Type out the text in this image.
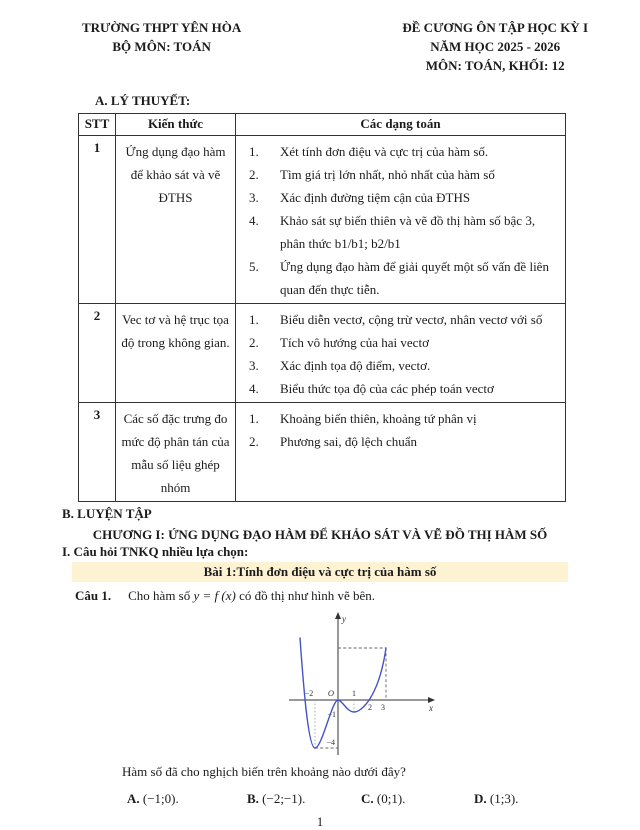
TRƯỜNG THPT YÊN HÒA
BỘ MÔN: TOÁN
ĐỀ CƯƠNG ÔN TẬP HỌC KỲ I
NĂM HỌC 2025 - 2026
MÔN: TOÁN, KHỐI: 12
A. LÝ THUYẾT:
STT	Kiến thức	Các dạng toán
1	Ứng dụng đạo hàm để khảo sát và vẽ ĐTHS	
1.	Xét tính đơn điệu và cực trị của hàm số.
2.	Tìm giá trị lớn nhất, nhỏ nhất của hàm số
3.	Xác định đường tiệm cận của ĐTHS
4.	Khảo sát sự biến thiên và vẽ đồ thị hàm số bậc 3, phân thức b1/b1; b2/b1
5.	Ứng dụng đạo hàm để giải quyết một số vấn đề liên quan đến thực tiễn.

2	Vec tơ và hệ trục tọa độ trong không gian.	
1.	Biểu diễn vectơ, cộng trừ vectơ, nhân vectơ với số
2.	Tích vô hướng của hai vectơ
3.	Xác định tọa độ điểm, vectơ.
4.	Biểu thức tọa độ của các phép toán vectơ

3	Các số đặc trưng đo mức độ phân tán của mẫu số liệu ghép nhóm	1. Khoảng biến thiên, khoảng tứ phân vị
2. Phương sai, độ lệch chuẩn
B. LUYỆN TẬP
CHƯƠNG I: ỨNG DỤNG ĐẠO HÀM ĐỂ KHẢO SÁT VÀ VẼ ĐỒ THỊ HÀM SỐ
I. Câu hỏi TNKQ nhiều lựa chọn:
Bài 1:Tính đơn điệu và cực trị của hàm số
Câu 1. Cho hàm số y = f (x) có đồ thị như hình vẽ bên.
−2 O 1
2 3	x
y
−1
−4
Hàm số đã cho nghịch biến trên khoảng nào dưới đây?
A. (−1;0).	B. (−2;−1).	C. (0;1).	D. (1;3).
1
